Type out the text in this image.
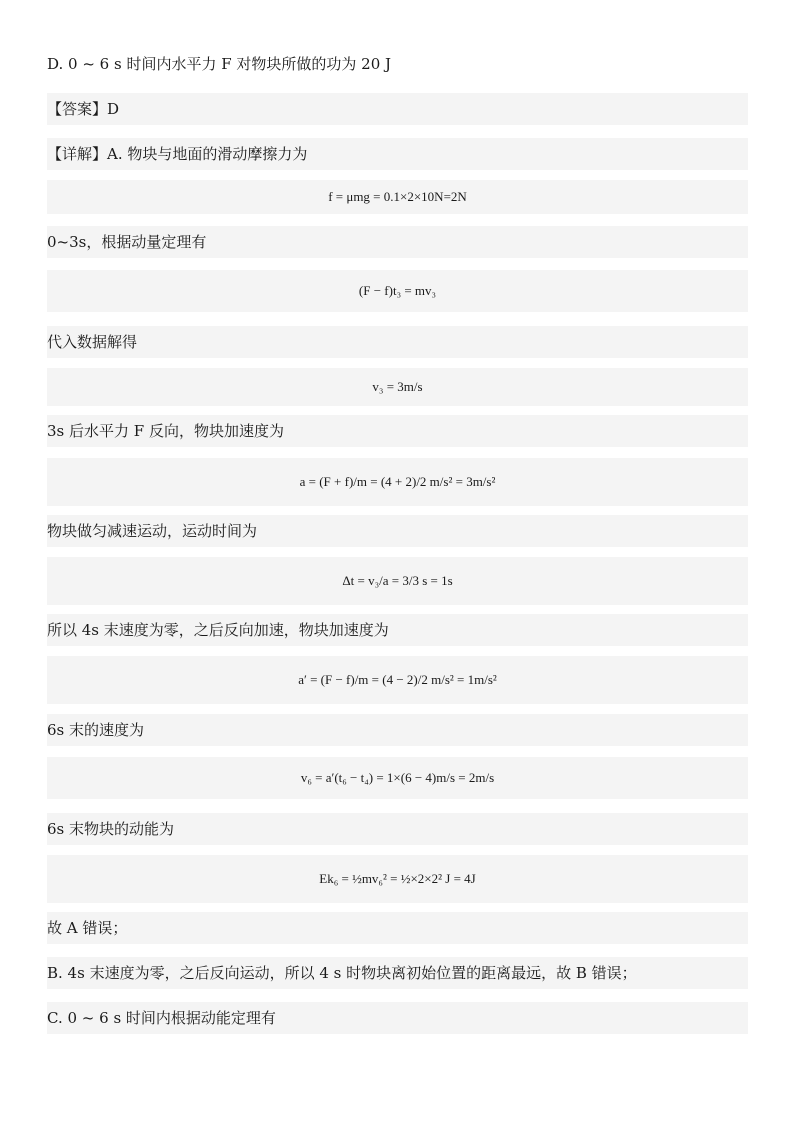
D. 0 ~ 6 s 时间内水平力 F 对物块所做的功为 20 J
【答案】D
【详解】A. 物块与地面的滑动摩擦力为
f = μmg = 0.1×2×10N=2N
0~3s，根据动量定理有
(F − f)t₃ = mv₃
代入数据解得
v₃ = 3m/s
3s 后水平力 F 反向，物块加速度为
a = (F + f)/m = (4 + 2)/2 m/s² = 3m/s²
物块做匀减速运动，运动时间为
Δt = v₃/a = 3/3 s = 1s
所以 4s 末速度为零，之后反向加速，物块加速度为
a′ = (F − f)/m = (4 − 2)/2 m/s² = 1m/s²
6s 末的速度为
v₆ = a′(t₆ − t₄) = 1×(6 − 4)m/s = 2m/s
6s 末物块的动能为
Ek₆ = ½mv₆² = ½×2×2² J = 4J
故 A 错误；
B. 4s 末速度为零，之后反向运动，所以 4 s 时物块离初始位置的距离最远，故 B 错误；
C. 0 ~ 6 s 时间内根据动能定理有
